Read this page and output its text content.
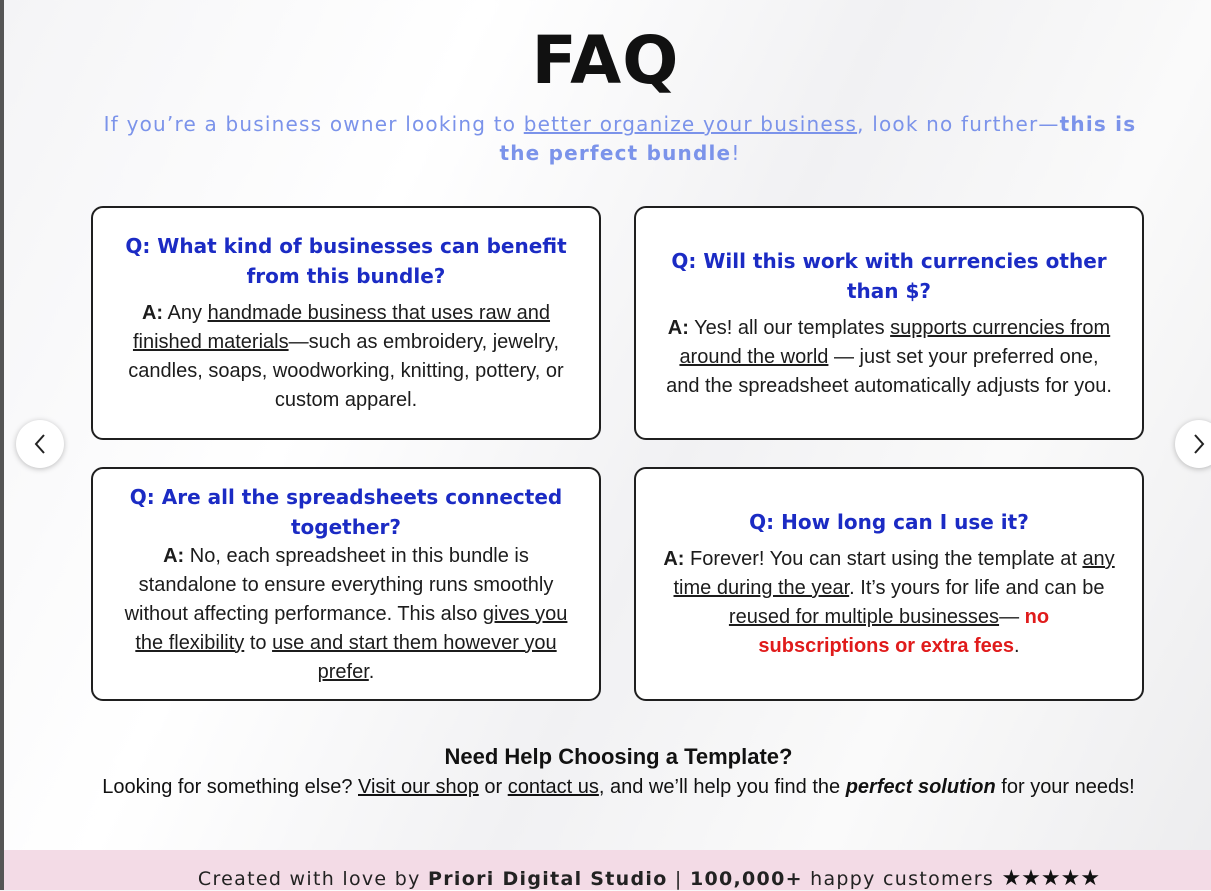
FAQ
If you’re a business owner looking to better organize your business, look no further—this is the perfect bundle!
Q: What kind of businesses can benefit from this bundle?
A: Any handmade business that uses raw and finished materials—such as embroidery, jewelry, candles, soaps, woodworking, knitting, pottery, or custom apparel.
Q: Will this work with currencies other than $?
A: Yes! all our templates supports currencies from around the world — just set your preferred one, and the spreadsheet automatically adjusts for you.
Q: Are all the spreadsheets connected together?
A: No, each spreadsheet in this bundle is standalone to ensure everything runs smoothly without affecting performance. This also gives you the flexibility to use and start them however you prefer.
Q: How long can I use it?
A: Forever! You can start using the template at any time during the year. It’s yours for life and can be reused for multiple businesses— no subscriptions or extra fees.
Need Help Choosing a Template?
Looking for something else? Visit our shop or contact us, and we’ll help you find the perfect solution for your needs!
Created with love by Priori Digital Studio | 100,000+ happy customers ★★★★★
